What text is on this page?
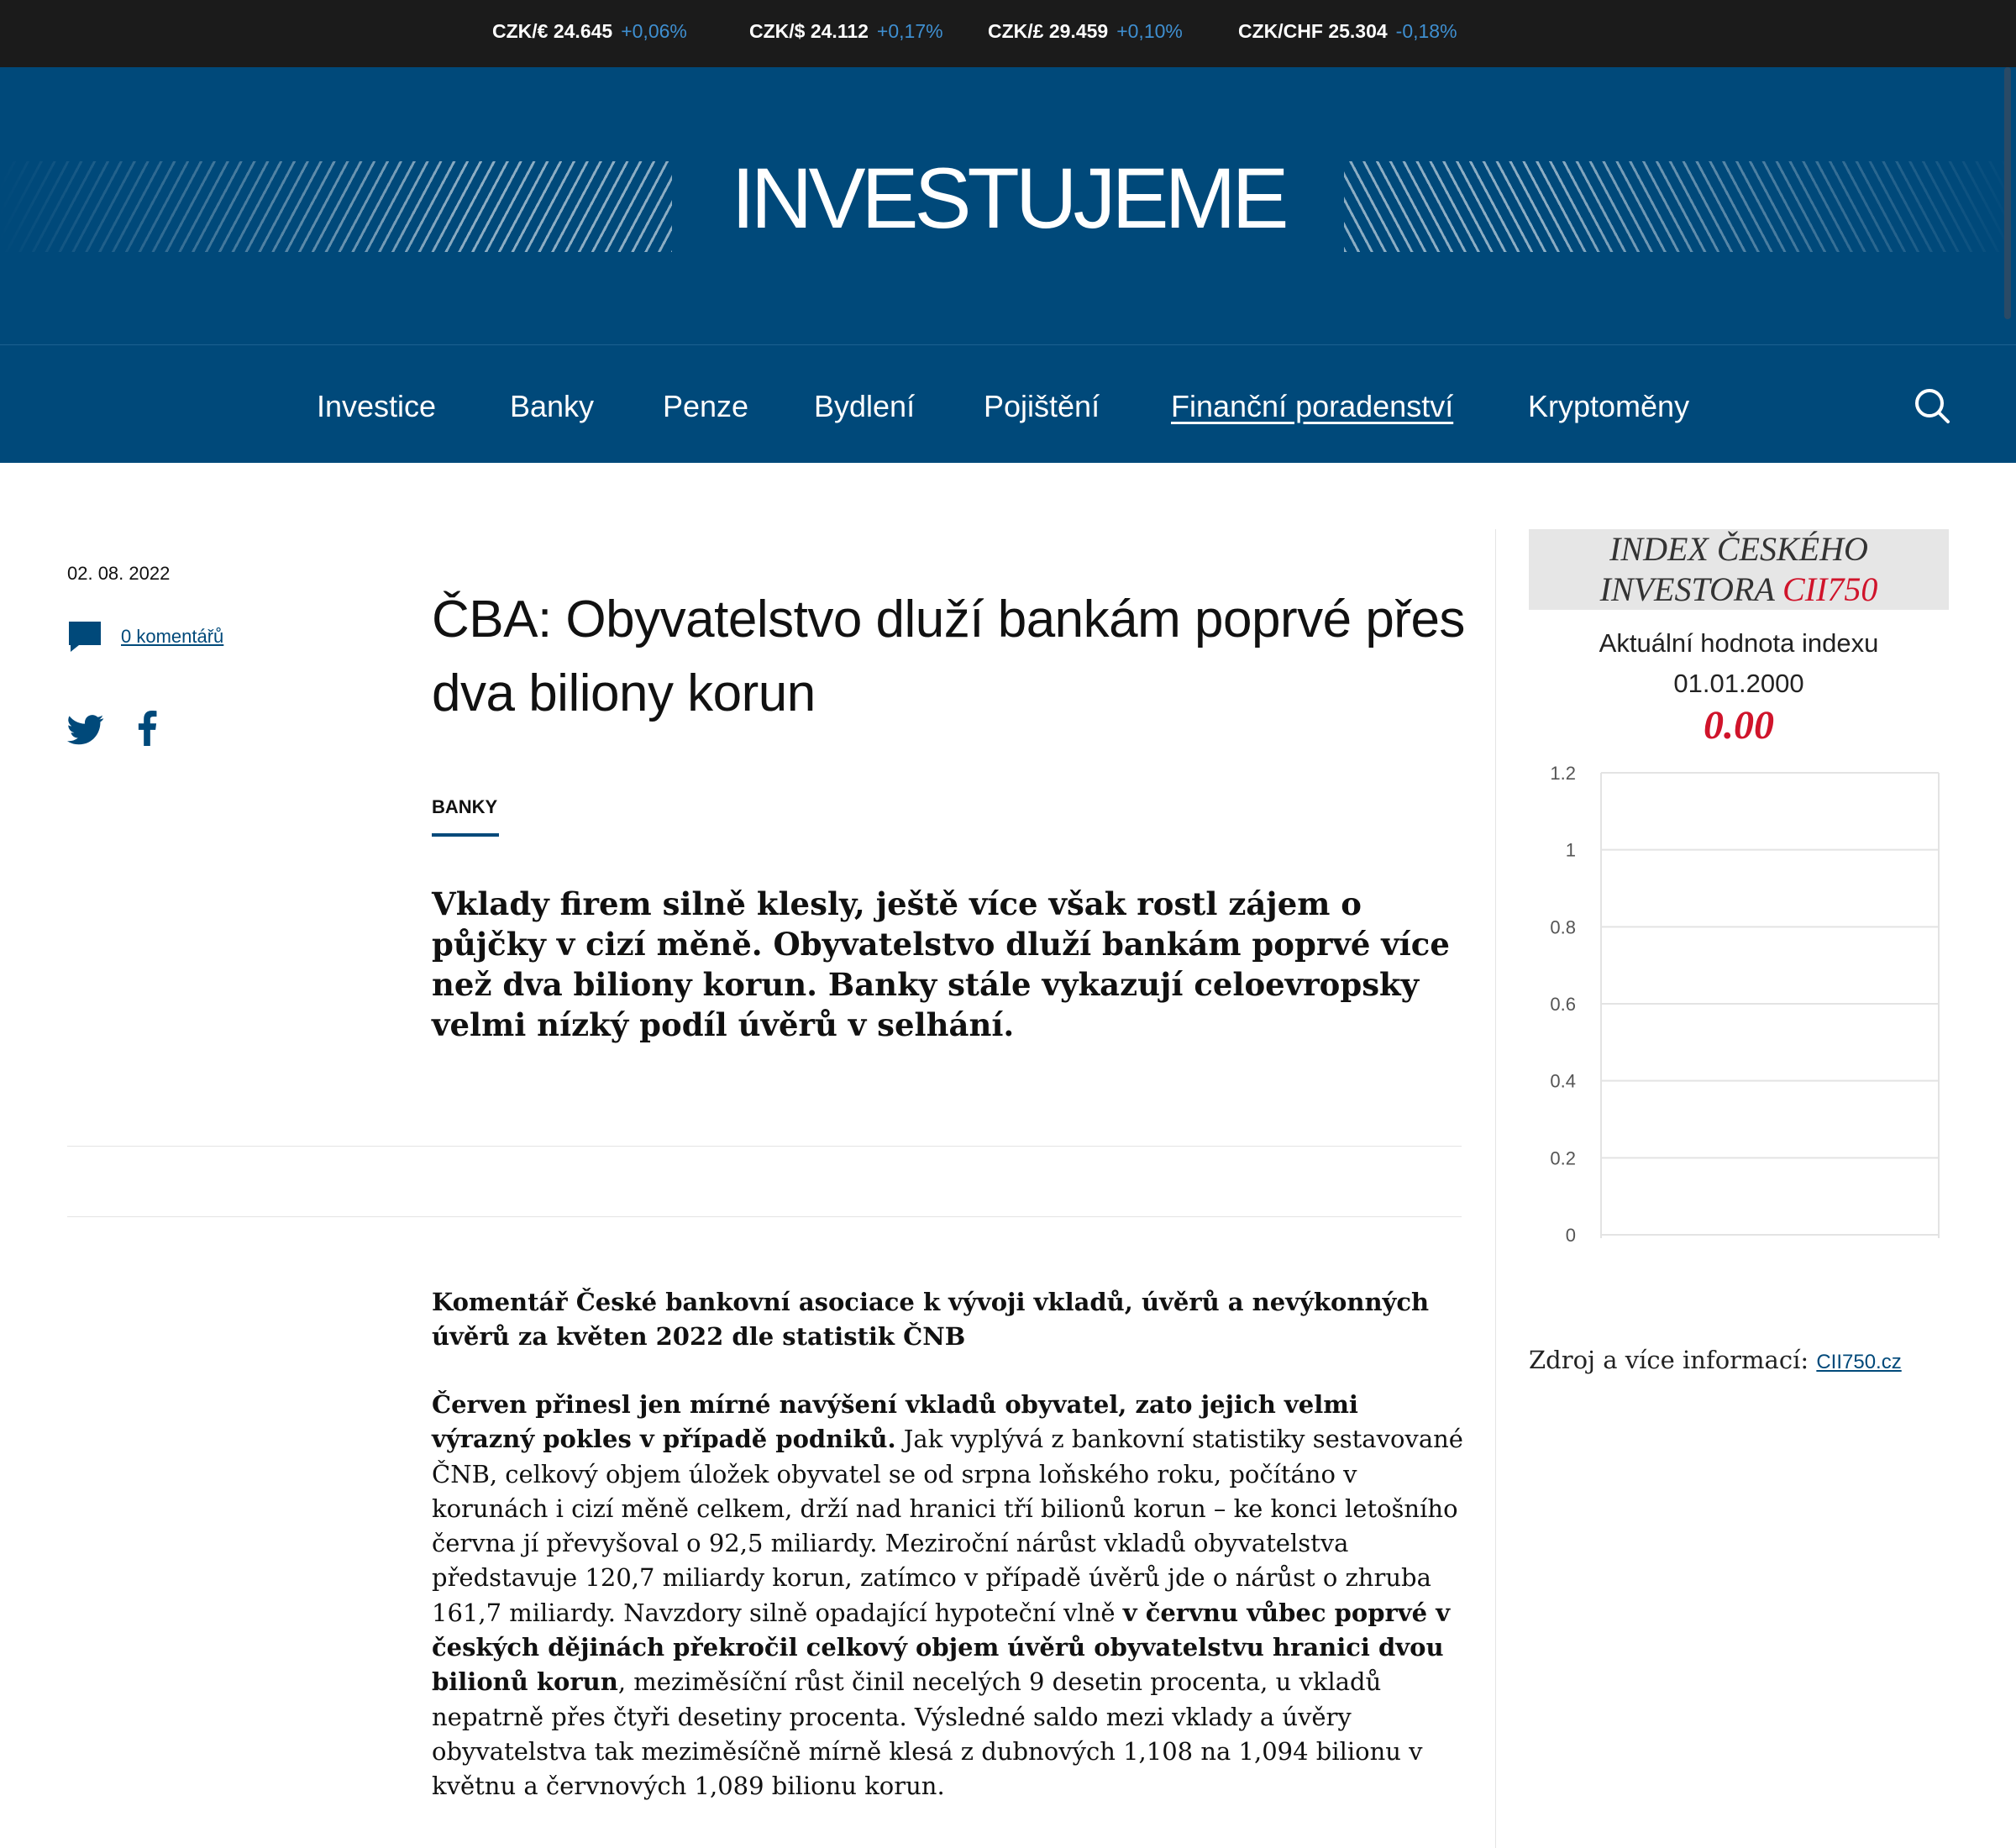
CZK/€ 24.645 +0,06%	CZK/$ 24.112 +0,17% CZK/£ 29.459 +0,10%	CZK/CHF 25.304 -0,18%
INVESTUJEME
Investice Banky Penze Bydlení Pojištění Finanční poradenství Kryptoměny
02. 08. 2022
0 komentářů
	ČBA: Obyvatelstvo dluží bankám poprvé přes dva biliony korun
BANKY

Vklady firem silně klesly, ještě více však rostl zájem o půjčky v cizí měně. Obyvatelstvo dluží bankám poprvé více než dva biliony korun. Banky stále vykazují celoevropsky velmi nízký podíl úvěrů v selhání.

Komentář České bankovní asociace k vývoji vkladů, úvěrů a nevýkonných úvěrů za květen 2022 dle statistik ČNB

Červen přinesl jen mírné navýšení vkladů obyvatel, zato jejich velmi výrazný pokles v případě podniků. Jak vyplývá z bankovní statistiky sestavované ČNB, celkový objem úložek obyvatel se od srpna loňského roku, počítáno v korunách i cizí měně celkem, drží nad hranici tří bilionů korun – ke konci letošního června jí převyšoval o 92,5 miliardy. Meziroční nárůst vkladů obyvatelstva představuje 120,7 miliardy korun, zatímco v případě úvěrů jde o nárůst o zhruba 161,7 miliardy. Navzdory silně opadající hypoteční vlně v červnu vůbec poprvé v českých dějinách překročil celkový objem úvěrů obyvatelstvu hranici dvou bilionů korun, meziměsíční růst činil necelých 9 desetin procenta, u vkladů nepatrně přes čtyři desetiny procenta. Výsledné saldo mezi vklady a úvěry obyvatelstva tak meziměsíčně mírně klesá z dubnových 1,108 na 1,094 bilionu v květnu a červnových 1,089 bilionu korun.

INDEX ČESKÉHO
INVESTORA CII750
Aktuální hodnota indexu
01.01.2000
0.00
0
0.2
0.4
0.6
0.8
1
1.2
Zdroj a více informací: CII750.cz
